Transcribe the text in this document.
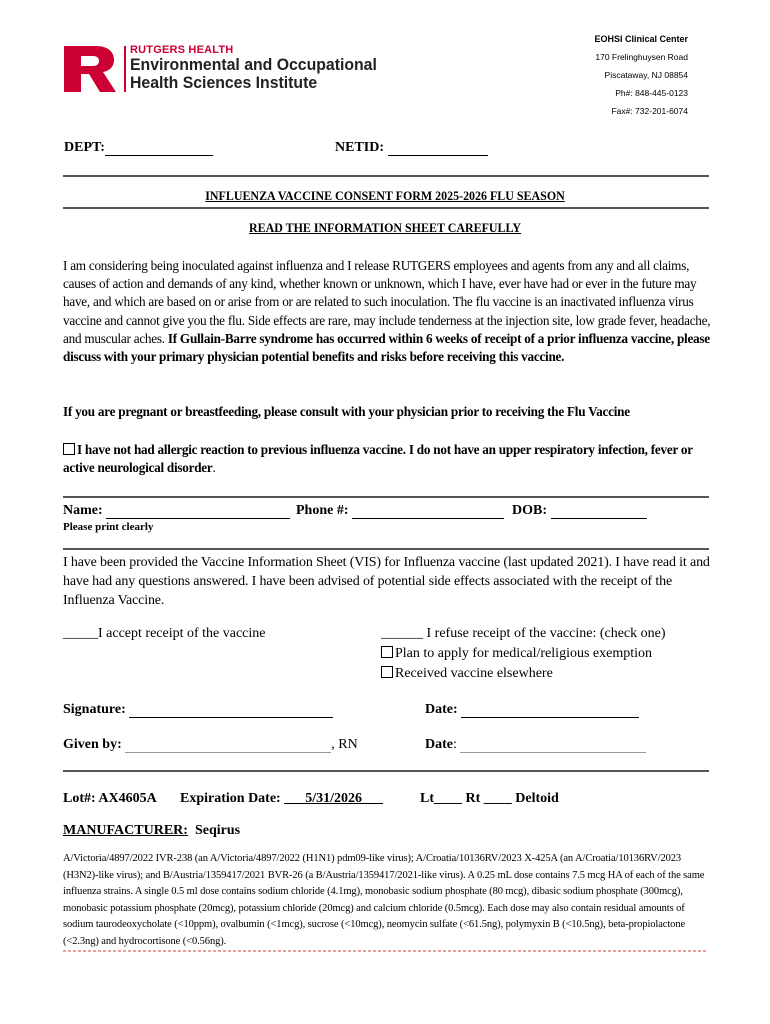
RUTGERS HEALTH
Environmental and Occupational
Health Sciences Institute
EOHSI Clinical Center
170 Frelinghuysen Road
Piscataway, NJ 08854
Ph#: 848-445-0123
Fax#: 732-201-6074
DEPT:	NETID:
INFLUENZA VACCINE CONSENT FORM 2025-2026 FLU SEASON
READ THE INFORMATION SHEET CAREFULLY
I am considering being inoculated against influenza and I release RUTGERS employees and agents from any and all claims, causes of action and demands of any kind, whether known or unknown, which I have, ever have had or ever in the future may have, and which are based on or arise from or are related to such inoculation. The flu vaccine is an inactivated influenza virus vaccine and cannot give you the flu. Side effects are rare, may include tenderness at the injection site, low grade fever, headache, and muscular aches. If Gullain-Barre syndrome has occurred within 6 weeks of receipt of a prior influenza vaccine, please discuss with your primary physician potential benefits and risks before receiving this vaccine.
If you are pregnant or breastfeeding, please consult with your physician prior to receiving the Flu Vaccine
I have not had allergic reaction to previous influenza vaccine. I do not have an upper respiratory infection, fever or active neurological disorder.
Name:	Phone #:	DOB:
Please print clearly
I have been provided the Vaccine Information Sheet (VIS) for Influenza vaccine (last updated 2021). I have read it and have had any questions answered. I have been advised of potential side effects associated with the receipt of the Influenza Vaccine.
_____I accept receipt of the vaccine	______ I refuse receipt of the vaccine: (check one)
Plan to apply for medical/religious exemption
Received vaccine elsewhere
Signature:	Date:
Given by:	, RN	Date:
Lot#: AX4605A Expiration Date: ___5/31/2026___	Lt____ Rt ____ Deltoid
MANUFACTURER: Seqirus
A/Victoria/4897/2022 IVR-238 (an A/Victoria/4897/2022 (H1N1) pdm09-like virus); A/Croatia/10136RV/2023 X-425A (an A/Croatia/10136RV/2023 (H3N2)-like virus); and B/Austria/1359417/2021 BVR-26 (a B/Austria/1359417/2021-like virus). A 0.25 mL dose contains 7.5 mcg HA of each of the same influenza strains. A single 0.5 ml dose contains sodium chloride (4.1mg), monobasic sodium phosphate (80 mcg), dibasic sodium phosphate (300mcg), monobasic potassium phosphate (20mcg), potassium chloride (20mcg) and calcium chloride (0.5mcg). Each dose may also contain residual amounts of sodium taurodeoxycholate (<10ppm), ovalbumin (<1mcg), sucrose (<10mcg), neomycin sulfate (<61.5ng), polymyxin B (<10.5ng), beta-propiolactone (<2.3ng) and hydrocortisone (<0.56ng).
